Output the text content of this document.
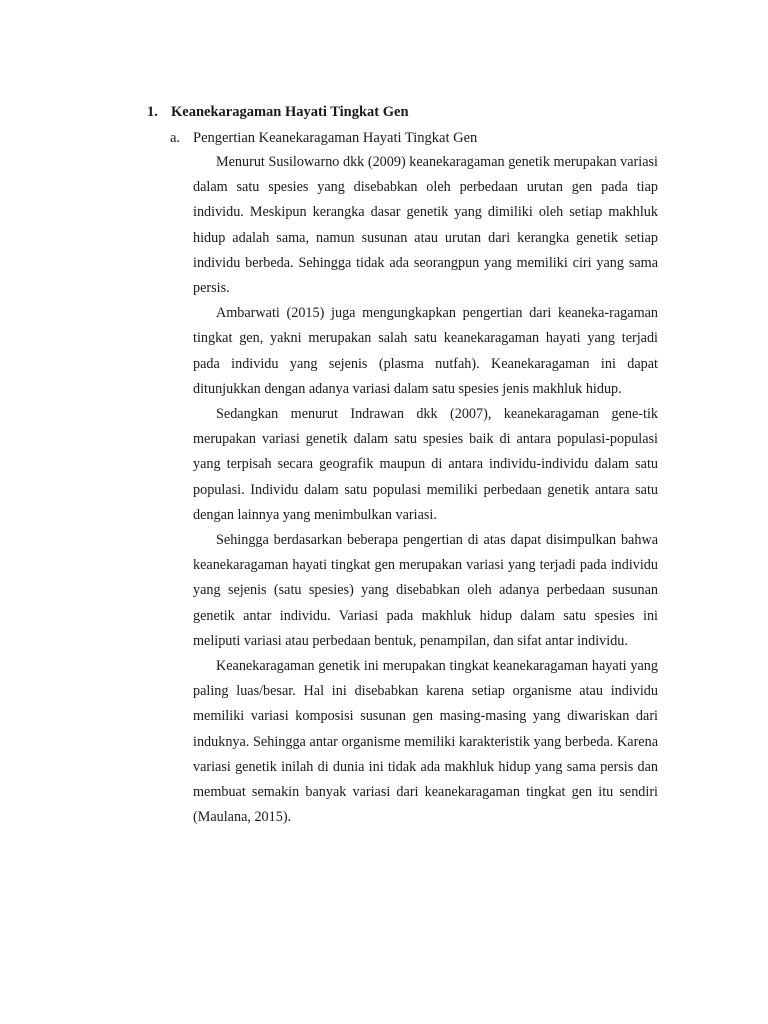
1. Keanekaragaman Hayati Tingkat Gen
a. Pengertian Keanekaragaman Hayati Tingkat Gen

Menurut Susilowarno dkk (2009) keanekaragaman genetik merupakan variasi dalam satu spesies yang disebabkan oleh perbedaan urutan gen pada tiap individu. Meskipun kerangka dasar genetik yang dimiliki oleh setiap makhluk hidup adalah sama, namun susunan atau urutan dari kerangka genetik setiap individu berbeda. Sehingga tidak ada seorangpun yang memiliki ciri yang sama persis.

Ambarwati (2015) juga mengungkapkan pengertian dari keaneka-ragaman tingkat gen, yakni merupakan salah satu keanekaragaman hayati yang terjadi pada individu yang sejenis (plasma nutfah). Keanekaragaman ini dapat ditunjukkan dengan adanya variasi dalam satu spesies jenis makhluk hidup.

Sedangkan menurut Indrawan dkk (2007), keanekaragaman gene-tik merupakan variasi genetik dalam satu spesies baik di antara populasi-populasi yang terpisah secara geografik maupun di antara individu-individu dalam satu populasi. Individu dalam satu populasi memiliki perbedaan genetik antara satu dengan lainnya yang menimbulkan variasi.

Sehingga berdasarkan beberapa pengertian di atas dapat disimpulkan bahwa keanekaragaman hayati tingkat gen merupakan variasi yang terjadi pada individu yang sejenis (satu spesies) yang disebabkan oleh adanya perbedaan susunan genetik antar individu. Variasi pada makhluk hidup dalam satu spesies ini meliputi variasi atau perbedaan bentuk, penampilan, dan sifat antar individu.

Keanekaragaman genetik ini merupakan tingkat keanekaragaman hayati yang paling luas/besar. Hal ini disebabkan karena setiap organisme atau individu memiliki variasi komposisi susunan gen masing-masing yang diwariskan dari induknya. Sehingga antar organisme memiliki karakteristik yang berbeda. Karena variasi genetik inilah di dunia ini tidak ada makhluk hidup yang sama persis dan membuat semakin banyak variasi dari keanekaragaman tingkat gen itu sendiri (Maulana, 2015).
